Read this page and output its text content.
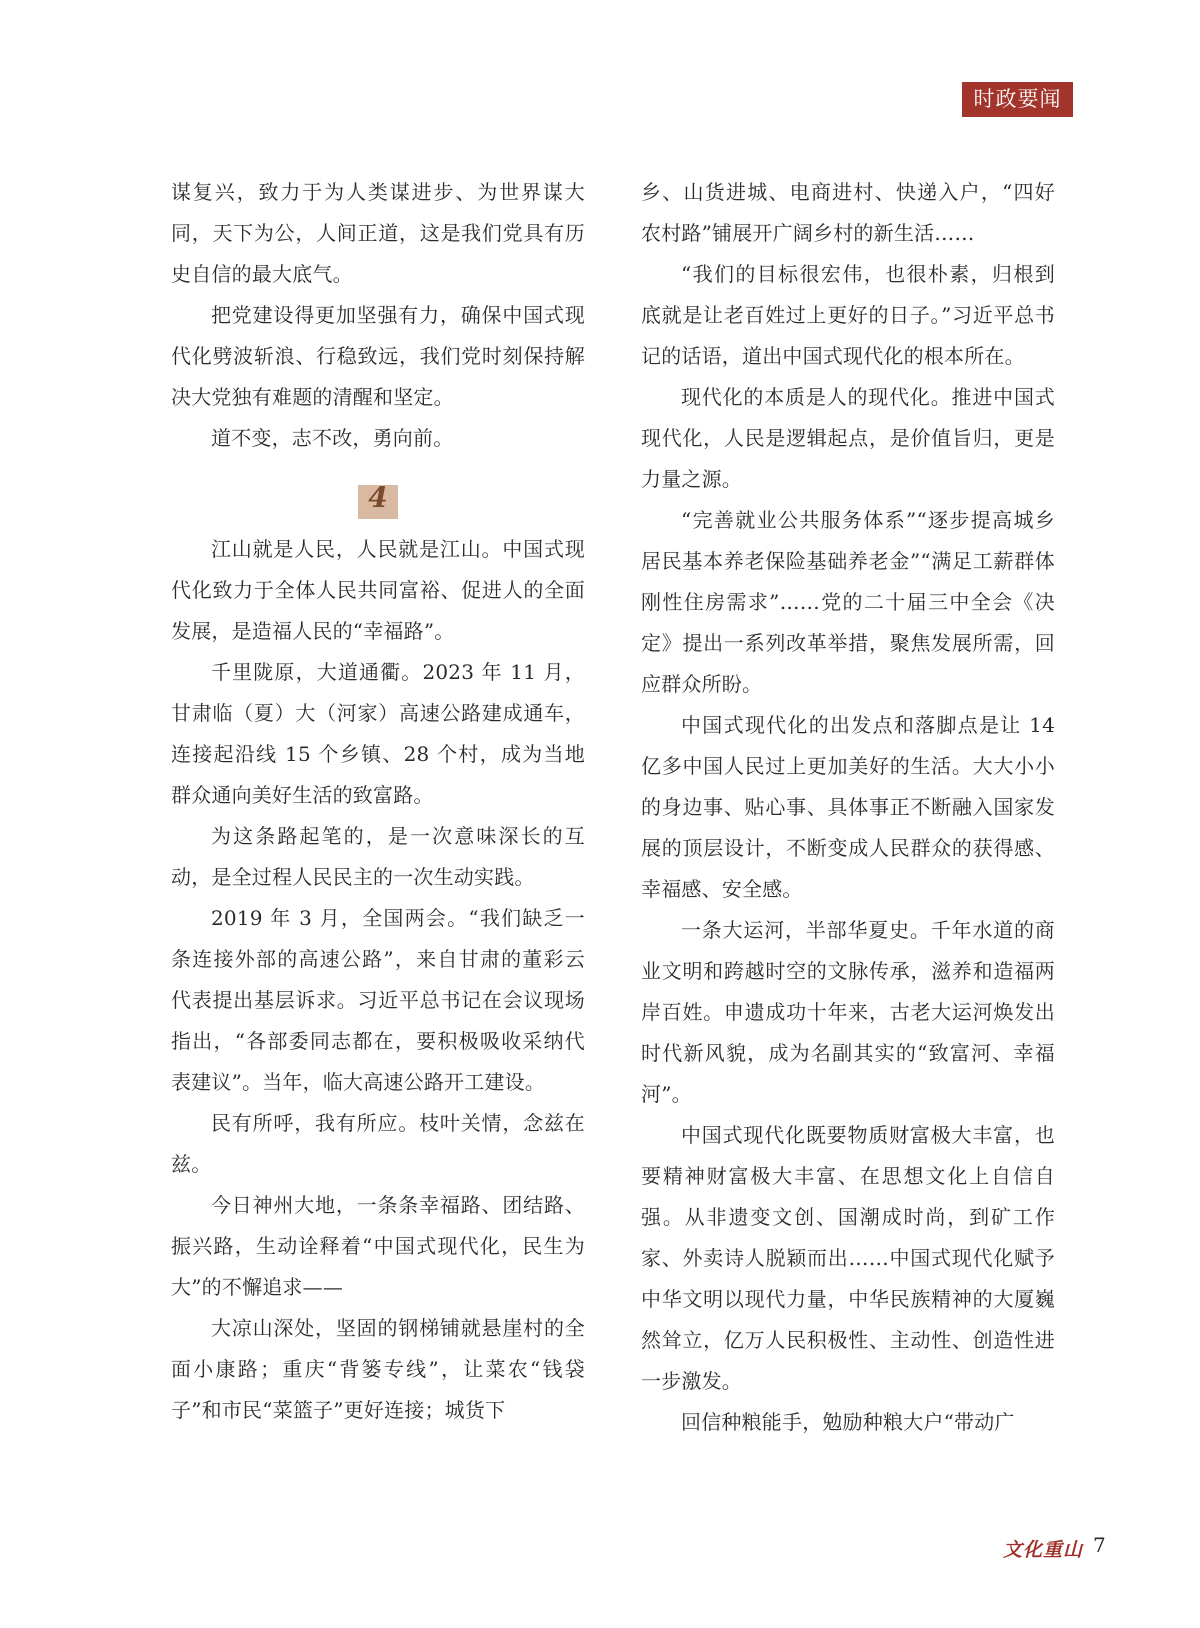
时政要闻

谋复兴，致力于为人类谋进步、为世界谋大同，天下为公，人间正道，这是我们党具有历史自信的最大底气。

把党建设得更加坚强有力，确保中国式现代化劈波斩浪、行稳致远，我们党时刻保持解决大党独有难题的清醒和坚定。

道不变，志不改，勇向前。

4

江山就是人民，人民就是江山。中国式现代化致力于全体人民共同富裕、促进人的全面发展，是造福人民的“幸福路”。

千里陇原，大道通衢。2023 年 11 月，甘肃临（夏）大（河家）高速公路建成通车，连接起沿线 15 个乡镇、28 个村，成为当地群众通向美好生活的致富路。

为这条路起笔的，是一次意味深长的互动，是全过程人民民主的一次生动实践。

2019 年 3 月，全国两会。“我们缺乏一条连接外部的高速公路”，来自甘肃的董彩云代表提出基层诉求。习近平总书记在会议现场指出，“各部委同志都在，要积极吸收采纳代表建议”。当年，临大高速公路开工建设。

民有所呼，我有所应。枝叶关情，念兹在兹。

今日神州大地，一条条幸福路、团结路、振兴路，生动诠释着“中国式现代化，民生为大”的不懈追求——

大凉山深处，坚固的钢梯铺就悬崖村的全面小康路；重庆“背篓专线”，让菜农“钱袋子”和市民“菜篮子”更好连接；城货下

乡、山货进城、电商进村、快递入户，“四好农村路”铺展开广阔乡村的新生活……

“我们的目标很宏伟，也很朴素，归根到底就是让老百姓过上更好的日子。”习近平总书记的话语，道出中国式现代化的根本所在。

现代化的本质是人的现代化。推进中国式现代化，人民是逻辑起点，是价值旨归，更是力量之源。

“完善就业公共服务体系”“逐步提高城乡居民基本养老保险基础养老金”“满足工薪群体刚性住房需求”……党的二十届三中全会《决定》提出一系列改革举措，聚焦发展所需，回应群众所盼。

中国式现代化的出发点和落脚点是让 14 亿多中国人民过上更加美好的生活。大大小小的身边事、贴心事、具体事正不断融入国家发展的顶层设计，不断变成人民群众的获得感、幸福感、安全感。

一条大运河，半部华夏史。千年水道的商业文明和跨越时空的文脉传承，滋养和造福两岸百姓。申遗成功十年来，古老大运河焕发出时代新风貌，成为名副其实的“致富河、幸福河”。

中国式现代化既要物质财富极大丰富，也要精神财富极大丰富、在思想文化上自信自强。从非遗变文创、国潮成时尚，到矿工作家、外卖诗人脱颖而出……中国式现代化赋予中华文明以现代力量，中华民族精神的大厦巍然耸立，亿万人民积极性、主动性、创造性进一步激发。

回信种粮能手，勉励种粮大户“带动广

文化重山 7
